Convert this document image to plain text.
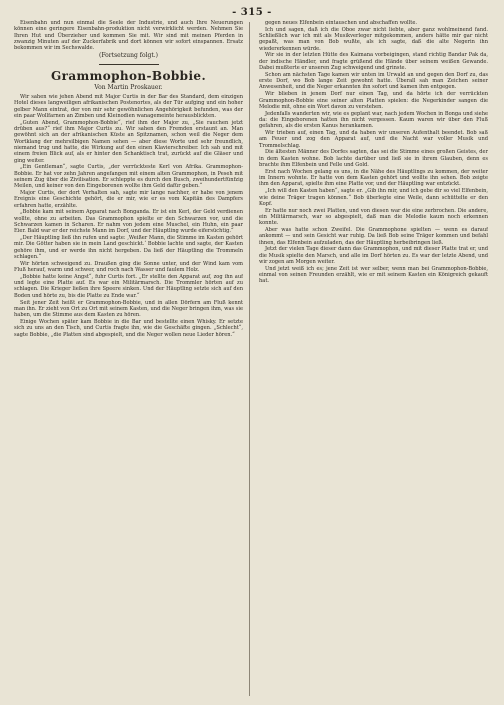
- 315 -

Eisenbahn und nun einmal die Seele der Industrie, und auch Ihre Neuerungen können eine geringere Eisenbahn-produktion nicht verwirklicht werden. Nehmen Sie Ihren Hut und Überzieher und kommen Sie mit. Wir sind mit meinen Pferden in zwanzig Minuten auf der Zuckerfabrik und dort können wir sofort einspannen. Ersatz bekommen wir im Sechswalde.

(Fortsetzung folgt.)
Grammophon-Bobbie.
Von Martin Proskauer.

Wir sahen wie jehen Abend mit Major Curtis in der Bar des Standard, dem einzigen Hotel dieses langweiligen afrikanischen Postenortes, als der Tür aufging und ein hoher gelber Mann eintrat, der von mir sehr gewöhnlichen Angehörigkeit befunden, was der ein paar Wollfarnen an Zimben und Kleinodien wanagemeinte herausblickten.

„Guten Abend, Grammophon-Bobbie“, rief ihm der Major zu, „Sie rauchen jetzt drüben aus?“ rief ihm Major Curtis zu. Wir sahen den Fremden erstaunt an. Man gewöhnt sich an der afrikanischen Küste an Spitznamen, schon weil die Neger dem Wortklang der mehrsilbigen Namen sehen — aber diese Worte und sehr freundlich, niemand trug und hatte, die Wirkung auf den einen Klavierschreiber. Ich sah und mit einem freien Blick auf, als er hinter den Schanktisch trat, zurückt auf die Gläser und ging weiter.

„Ein Gentleman“, sagte Curtis, „der verrückteste Kerl von Afrika. Grammophon-Bobbie. Er hat vor zehn Jahren angefangen mit einem alten Grammophon, in Peseh mit seinem Zug über die Zivilisation. Er schleppte es durch den Busch, zweihundertfünfzig Meilen, und keiner von den Eingeborenen wollte ihm Geld dafür geben.“

Major Curtis, der dort Verhalten sah, sagte mir lange nachher, er habe von jenem Ereignis eine Geschichte gehört, die er mir, wie er es vom Kapitän des Dampfers erfahren hatte, erzählte.

„Bobbie kam mit seinem Apparat nach Bonganda. Er ist ein Kerl, der Geld verdienen wollte, ohne zu arbeiten. Das Grammophon spielte er den Schwarzen vor, und die Schwarzen kamen in Scharen. Er nahm von jedem eine Muschel, ein Huhn, ein paar Eier. Bald war er der reichste Mann im Dorf, und der Häuptling wurde eifersüchtig.“

„Der Häuptling ließ ihn rufen und sagte: ‚Weißer Mann, die Stimme im Kasten gehört mir. Die Götter haben sie in mein Land geschickt.‘ Bobbie lachte und sagte, der Kasten gehöre ihm, und er werde ihn nicht hergeben. Da ließ der Häuptling die Trommeln schlagen.“

Wir hörten schweigend zu. Draußen ging die Sonne unter, und der Wind kam vom Fluß herauf, warm und schwer, und roch nach Wasser und faulem Holz.

„Bobbie hatte keine Angst“, fuhr Curtis fort. „Er stellte den Apparat auf, zog ihn auf und legte eine Platte auf. Es war ein Militärmarsch. Die Trommler hörten auf zu schlagen. Die Krieger ließen ihre Speere sinken. Und der Häuptling setzte sich auf den Boden und hörte zu, bis die Platte zu Ende war.“

Seit jener Zeit heißt er Grammophon-Bobbie, und in allen Dörfern am Fluß kennt man ihn. Er zieht von Ort zu Ort mit seinem Kasten, und die Neger bringen ihm, was sie haben, um die Stimme aus dem Kasten zu hören.

Einige Wochen später kam Bobbie in die Bar und bestellte einen Whisky. Er setzte sich zu uns an den Tisch, und Curtis fragte ihn, wie die Geschäfte gingen. „Schlecht“, sagte Bobbie, „die Platten sind abgespielt, und die Neger wollen neue Lieder hören.“

gegen neues Elfenbein eintauschen und abschaffen wollte.

Ich und sagen, daß ich die Oboe zwar nicht liebte, aber ganz wohlmeinend fand. Schließlich war ich mit als Musikverleger mitgekommen, anders hätte mir gar nicht gepaßt, was man von Bob wußte, als ich sagte, daß die alte Negerin ihn wiedererkennen würde.

Wir sie in der letzten Hütte des Kaimana vorbeigingen, stand richtig Bandar Pak da, der indische Händler, und fragte grüßend die Hände über seinem weißen Gewande. Dabei mußterte er unseren Zug schweigend und grinste.

Schon am nächsten Tage kamen wir unten im Urwald an und gegen den Dorf zu, das erste Dorf, wo Bob lange Zeit gewohnt hatte. Überall sah man Zeichen seiner Anwesenheit, und die Neger erkannten ihn sofort und kamen ihm entgegen.

Wir blieben in jenem Dorf nur einen Tag, und da hörte ich der verrückten Grammophon-Bobbie eine seiner alten Platten spielen: die Negerkinder sangen die Melodie mit, ohne ein Wort davon zu verstehen.

Jedenfalls wanderten wir, wie es geplant war, nach jedem Wochen in Bonga und siehe da: die Eingeborenen hatten ihn nicht vergessen. Kaum waren wir über den Fluß gefahren, als die ersten Kanus herankamen.

Wir trieben auf, einen Tag, und da haben wir unseren Aufenthalt beendet. Bob saß am Feuer und zog den Apparat auf, und die Nacht war voller Musik und Trommelschlag.

Die ältesten Männer des Dorfes sagten, das sei die Stimme eines großen Geistes, der in dem Kasten wohne. Bob lachte darüber und ließ sie in ihrem Glauben, denn es brachte ihm Elfenbein und Felle und Gold.

Erst nach Wochen gelang es uns, in die Nähe des Häuptlings zu kommen, der weiter im Innern wohnte. Er hatte von dem Kasten gehört und wollte ihn sehen. Bob zeigte ihm den Apparat, spielte ihm eine Platte vor, und der Häuptling war entzückt.

„Ich will den Kasten haben“, sagte er. „Gib ihn mir, und ich gebe dir so viel Elfenbein, wie deine Träger tragen können.“ Bob überlegte eine Weile, dann schüttelte er den Kopf.

Er hatte nur noch zwei Platten, und von diesen war die eine zerbrochen. Die andere, ein Militärmarsch, war so abgespielt, daß man die Melodie kaum noch erkennen konnte.

Aber was hatte schon Zweifel. Die Grammophone spielten — wenn es darauf ankommt — und sein Gesicht war ruhig. Da ließ Bob seine Träger kommen und befahl ihnen, das Elfenbein aufzuladen, das der Häuptling herbeibringen ließ.

Jetzt der vielen Tage dieser dann das Grammophon, und mit dieser Platte trat er, und die Musik spielte den Marsch, und alle im Dorf hörten zu. Es war der letzte Abend, und wir zogen am Morgen weiter.

Und jetzt weiß ich es; jene Zeit ist wer selber, wenn man bei Grammophon-Bobbie, einmal von seinen Freunden erzählt, wie er mit seinem Kasten ein Königreich gekauft hat.
